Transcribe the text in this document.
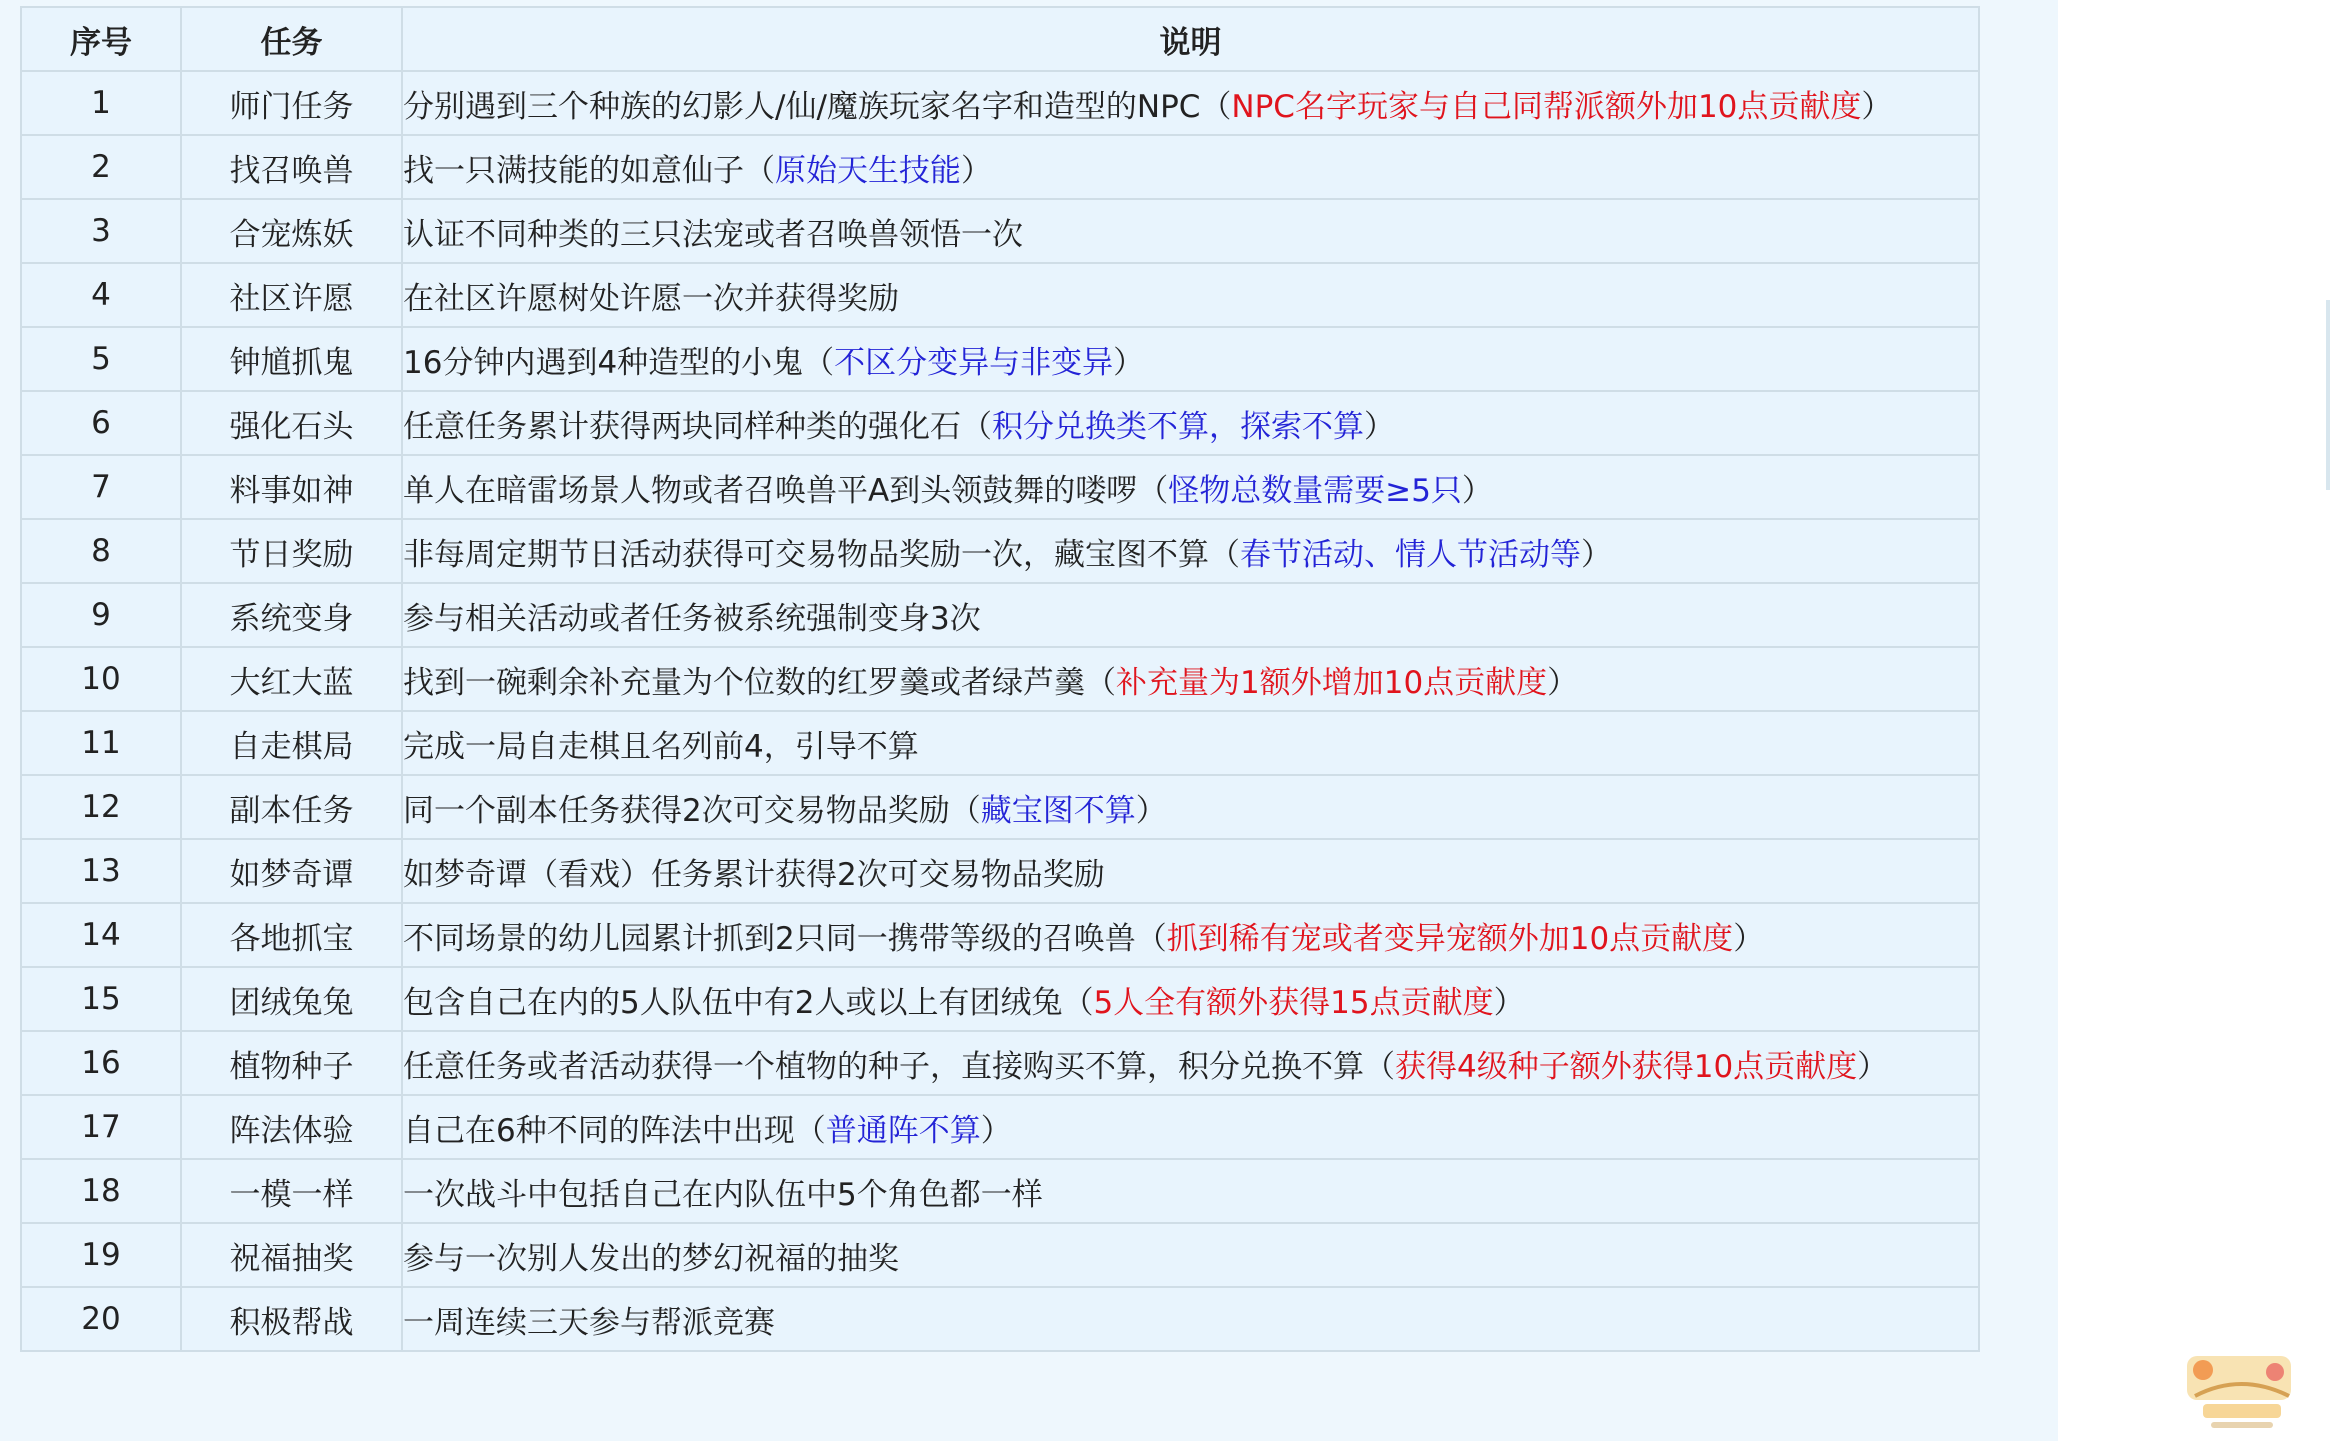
序号	任务	说明
1	师门任务	分别遇到三个种族的幻影人/仙/魔族玩家名字和造型的NPC（NPC名字玩家与自己同帮派额外加10点贡献度）
2	找召唤兽	找一只满技能的如意仙子（原始天生技能）
3	合宠炼妖	认证不同种类的三只法宠或者召唤兽领悟一次
4	社区许愿	在社区许愿树处许愿一次并获得奖励
5	钟馗抓鬼	16分钟内遇到4种造型的小鬼（不区分变异与非变异）
6	强化石头	任意任务累计获得两块同样种类的强化石（积分兑换类不算，探索不算）
7	料事如神	单人在暗雷场景人物或者召唤兽平A到头领鼓舞的喽啰（怪物总数量需要≥5只）
8	节日奖励	非每周定期节日活动获得可交易物品奖励一次，藏宝图不算（春节活动、情人节活动等）
9	系统变身	参与相关活动或者任务被系统强制变身3次
10	大红大蓝	找到一碗剩余补充量为个位数的红罗羹或者绿芦羹（补充量为1额外增加10点贡献度）
11	自走棋局	完成一局自走棋且名列前4，引导不算
12	副本任务	同一个副本任务获得2次可交易物品奖励（藏宝图不算）
13	如梦奇谭	如梦奇谭（看戏）任务累计获得2次可交易物品奖励
14	各地抓宝	不同场景的幼儿园累计抓到2只同一携带等级的召唤兽（抓到稀有宠或者变异宠额外加10点贡献度）
15	团绒兔兔	包含自己在内的5人队伍中有2人或以上有团绒兔（5人全有额外获得15点贡献度）
16	植物种子	任意任务或者活动获得一个植物的种子，直接购买不算，积分兑换不算（获得4级种子额外获得10点贡献度）
17	阵法体验	自己在6种不同的阵法中出现（普通阵不算）
18	一模一样	一次战斗中包括自己在内队伍中5个角色都一样
19	祝福抽奖	参与一次别人发出的梦幻祝福的抽奖
20	积极帮战	一周连续三天参与帮派竞赛
